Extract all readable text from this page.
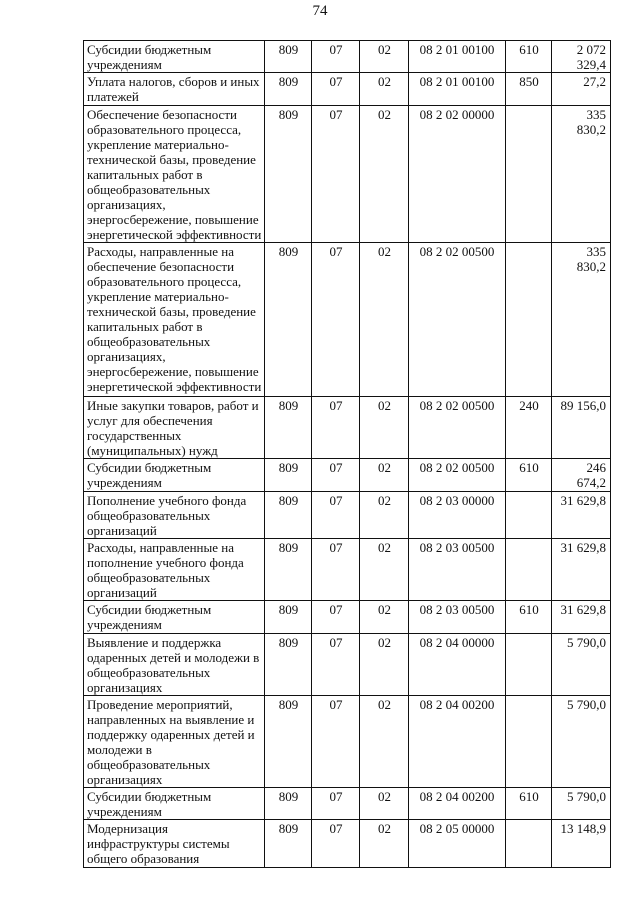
74
Субсидии бюджетным учреждениям	809	07	02	08 2 01 00100	610	2 072 329,4
Уплата налогов, сборов и иных платежей	809	07	02	08 2 01 00100	850	27,2
Обеспечение безопасности образовательного процесса, укрепление материально-технической базы, проведение капитальных работ в общеобразовательных организациях, энергосбережение, повышение энергетической эффективности	809	07	02	08 2 02 00000		335 830,2
Расходы, направленные на обеспечение безопасности образовательного процесса, укрепление материально-технической базы, проведение капитальных работ в общеобразовательных организациях, энергосбережение, повышение энергетической эффективности	809	07	02	08 2 02 00500		335 830,2
Иные закупки товаров, работ и услуг для обеспечения государственных (муниципальных) нужд	809	07	02	08 2 02 00500	240	89 156,0
Субсидии бюджетным учреждениям	809	07	02	08 2 02 00500	610	246 674,2
Пополнение учебного фонда общеобразовательных организаций	809	07	02	08 2 03 00000		31 629,8
Расходы, направленные на пополнение учебного фонда общеобразовательных организаций	809	07	02	08 2 03 00500		31 629,8
Субсидии бюджетным учреждениям	809	07	02	08 2 03 00500	610	31 629,8
Выявление и поддержка одаренных детей и молодежи в общеобразовательных организациях	809	07	02	08 2 04 00000		5 790,0
Проведение мероприятий, направленных на выявление и поддержку одаренных детей и молодежи в общеобразовательных организациях	809	07	02	08 2 04 00200		5 790,0
Субсидии бюджетным учреждениям	809	07	02	08 2 04 00200	610	5 790,0
Модернизация инфраструктуры системы общего образования	809	07	02	08 2 05 00000		13 148,9
